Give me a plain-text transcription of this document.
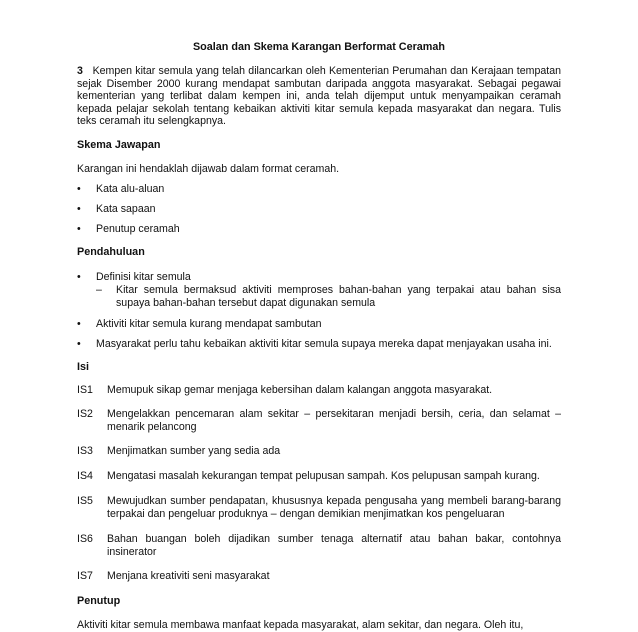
Soalan dan Skema Karangan Berformat Ceramah
3 Kempen kitar semula yang telah dilancarkan oleh Kementerian Perumahan dan Kerajaan tempatan sejak Disember 2000 kurang mendapat sambutan daripada anggota masyarakat. Sebagai pegawai kementerian yang terlibat dalam kempen ini, anda telah dijemput untuk menyampaikan ceramah kepada pelajar sekolah tentang kebaikan aktiviti kitar semula kepada masyarakat dan negara. Tulis teks ceramah itu selengkapnya.
Skema Jawapan
Karangan ini hendaklah dijawab dalam format ceramah.
• Kata alu-aluan
• Kata sapaan
• Penutup ceramah
Pendahuluan
• Definisi kitar semula
– Kitar semula bermaksud aktiviti memproses bahan-bahan yang terpakai atau bahan sisa supaya bahan-bahan tersebut dapat digunakan semula
• Aktiviti kitar semula kurang mendapat sambutan
• Masyarakat perlu tahu kebaikan aktiviti kitar semula supaya mereka dapat menjayakan usaha ini.
Isi
IS1 Memupuk sikap gemar menjaga kebersihan dalam kalangan anggota masyarakat.
IS2 Mengelakkan pencemaran alam sekitar – persekitaran menjadi bersih, ceria, dan selamat – menarik pelancong
IS3 Menjimatkan sumber yang sedia ada
IS4 Mengatasi masalah kekurangan tempat pelupusan sampah. Kos pelupusan sampah kurang.
IS5 Mewujudkan sumber pendapatan, khususnya kepada pengusaha yang membeli barang-barang terpakai dan pengeluar produknya – dengan demikian menjimatkan kos pengeluaran
IS6 Bahan buangan boleh dijadikan sumber tenaga alternatif atau bahan bakar, contohnya insinerator
IS7 Menjana kreativiti seni masyarakat
Penutup
Aktiviti kitar semula membawa manfaat kepada masyarakat, alam sekitar, dan negara. Oleh itu,
